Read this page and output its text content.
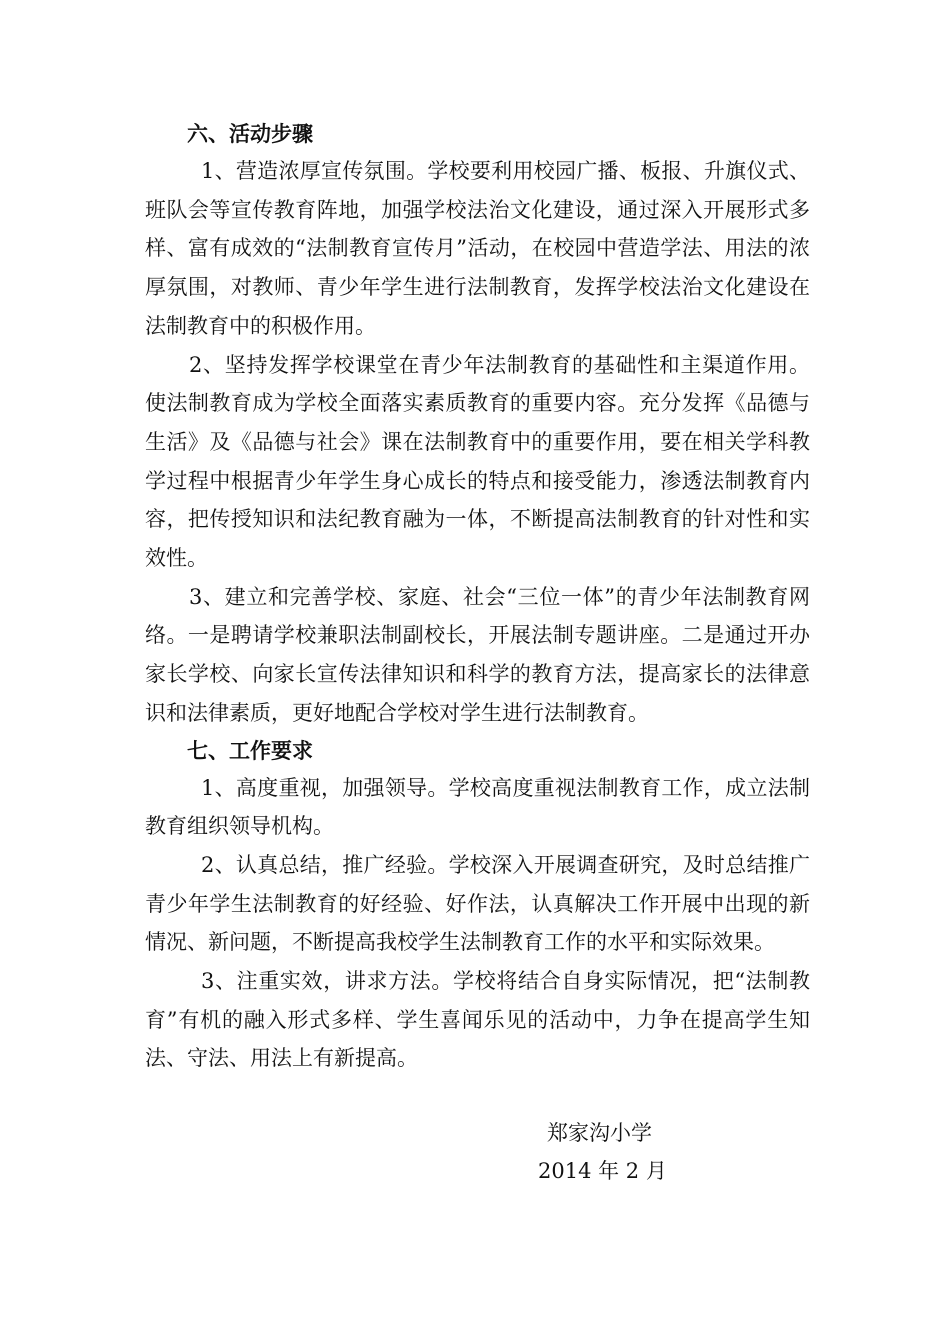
六、活动步骤

1、营造浓厚宣传氛围。学校要利用校园广播、板报、升旗仪式、班队会等宣传教育阵地，加强学校法治文化建设，通过深入开展形式多样、富有成效的“法制教育宣传月”活动，在校园中营造学法、用法的浓厚氛围，对教师、青少年学生进行法制教育，发挥学校法治文化建设在法制教育中的积极作用。

2、坚持发挥学校课堂在青少年法制教育的基础性和主渠道作用。使法制教育成为学校全面落实素质教育的重要内容。充分发挥《品德与生活》及《品德与社会》课在法制教育中的重要作用，要在相关学科教学过程中根据青少年学生身心成长的特点和接受能力，渗透法制教育内容，把传授知识和法纪教育融为一体，不断提高法制教育的针对性和实效性。

3、建立和完善学校、家庭、社会“三位一体”的青少年法制教育网络。一是聘请学校兼职法制副校长，开展法制专题讲座。二是通过开办家长学校、向家长宣传法律知识和科学的教育方法，提高家长的法律意识和法律素质，更好地配合学校对学生进行法制教育。

七、工作要求

1、高度重视，加强领导。学校高度重视法制教育工作，成立法制教育组织领导机构。

2、认真总结，推广经验。学校深入开展调查研究，及时总结推广青少年学生法制教育的好经验、好作法，认真解决工作开展中出现的新情况、新问题，不断提高我校学生法制教育工作的水平和实际效果。

3、注重实效，讲求方法。学校将结合自身实际情况，把“法制教育”有机的融入形式多样、学生喜闻乐见的活动中，力争在提高学生知法、守法、用法上有新提高。

郑家沟小学
2014 年 2 月
